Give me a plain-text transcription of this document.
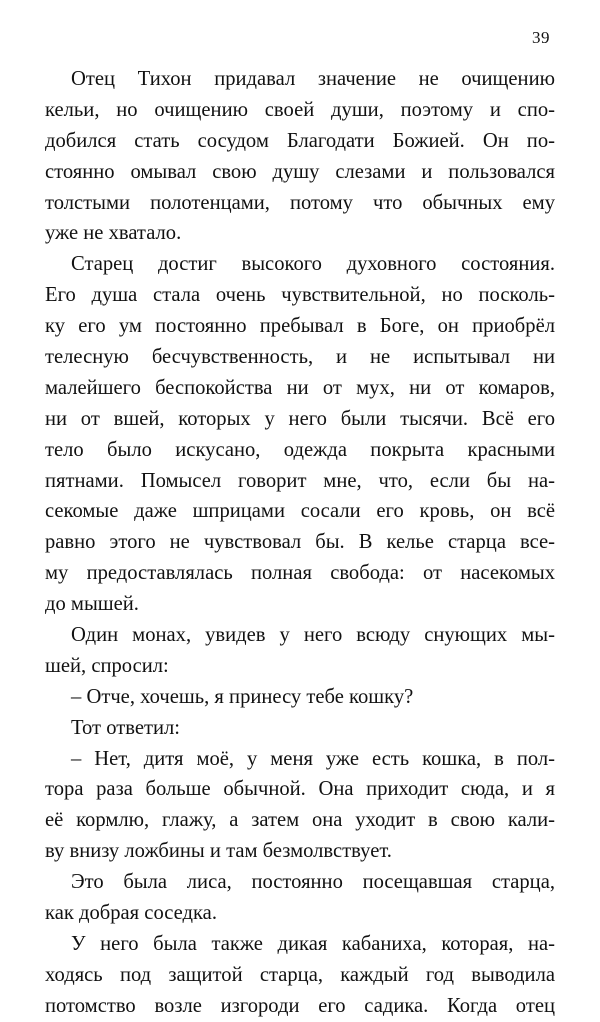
39
Отец Тихон придавал значение не очищению
кельи, но очищению своей души, поэтому и спо-
добился стать сосудом Благодати Божией. Он по-
стоянно омывал свою душу слезами и пользовался
толстыми полотенцами, потому что обычных ему
уже не хватало.
Старец достиг высокого духовного состояния.
Его душа стала очень чувствительной, но посколь-
ку его ум постоянно пребывал в Боге, он приобрёл
телесную бесчувственность, и не испытывал ни
малейшего беспокойства ни от мух, ни от комаров,
ни от вшей, которых у него были тысячи. Всё его
тело было искусано, одежда покрыта красными
пятнами. Помысел говорит мне, что, если бы на-
секомые даже шприцами сосали его кровь, он всё
равно этого не чувствовал бы. В келье старца все-
му предоставлялась полная свобода: от насекомых
до мышей.
Один монах, увидев у него всюду снующих мы-
шей, спросил:
– Отче, хочешь, я принесу тебе кошку?
Тот ответил:
– Нет, дитя моё, у меня уже есть кошка, в пол-
тора раза больше обычной. Она приходит сюда, и я
её кормлю, глажу, а затем она уходит в свою кали-
ву внизу ложбины и там безмолвствует.
Это была лиса, постоянно посещавшая старца,
как добрая соседка.
У него была также дикая кабаниха, которая, на-
ходясь под защитой старца, каждый год выводила
потомство возле изгороди его садика. Когда отец
